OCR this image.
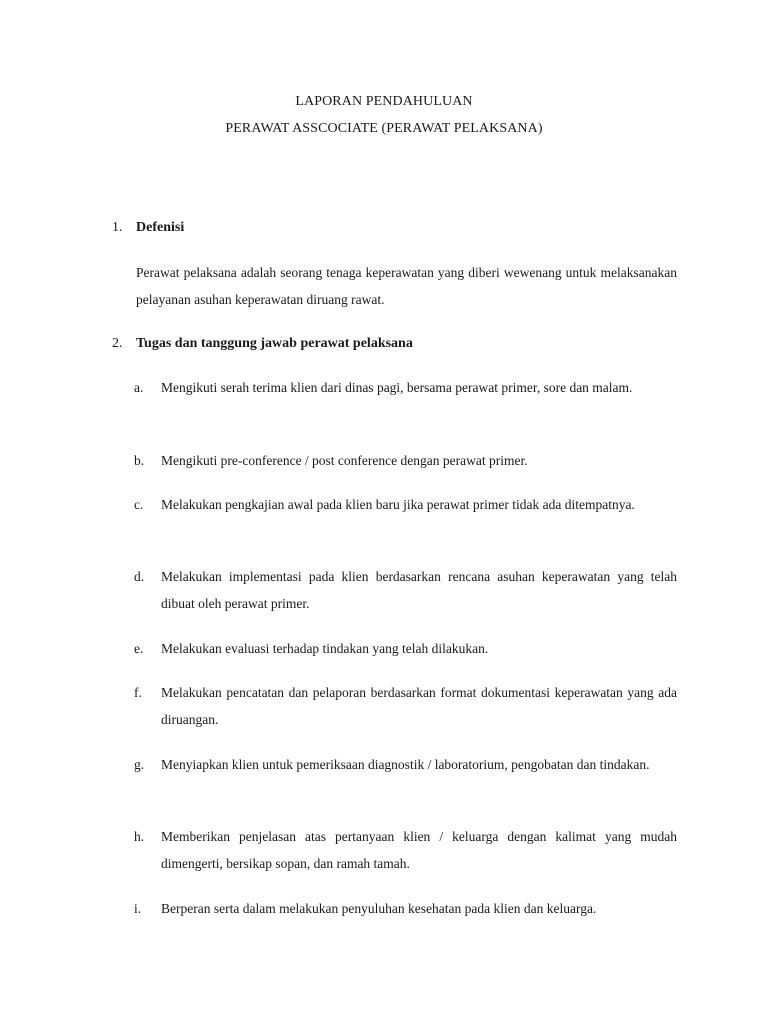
LAPORAN PENDAHULUAN
PERAWAT ASSCOCIATE (PERAWAT PELAKSANA)
1. Defenisi
Perawat pelaksana adalah seorang tenaga keperawatan yang diberi wewenang untuk melaksanakan pelayanan asuhan keperawatan diruang rawat.
2. Tugas dan tanggung jawab perawat pelaksana
a. Mengikuti serah terima klien dari dinas pagi, bersama perawat primer, sore dan malam.
b. Mengikuti pre-conference / post conference dengan perawat primer.
c. Melakukan pengkajian awal pada klien baru jika perawat primer tidak ada ditempatnya.
d. Melakukan implementasi pada klien berdasarkan rencana asuhan keperawatan yang telah dibuat oleh perawat primer.
e. Melakukan evaluasi terhadap tindakan yang telah dilakukan.
f. Melakukan pencatatan dan pelaporan berdasarkan format dokumentasi keperawatan yang ada diruangan.
g. Menyiapkan klien untuk pemeriksaan diagnostik / laboratorium, pengobatan dan tindakan.
h. Memberikan penjelasan atas pertanyaan klien / keluarga dengan kalimat yang mudah dimengerti, bersikap sopan, dan ramah tamah.
i. Berperan serta dalam melakukan penyuluhan kesehatan pada klien dan keluarga.
